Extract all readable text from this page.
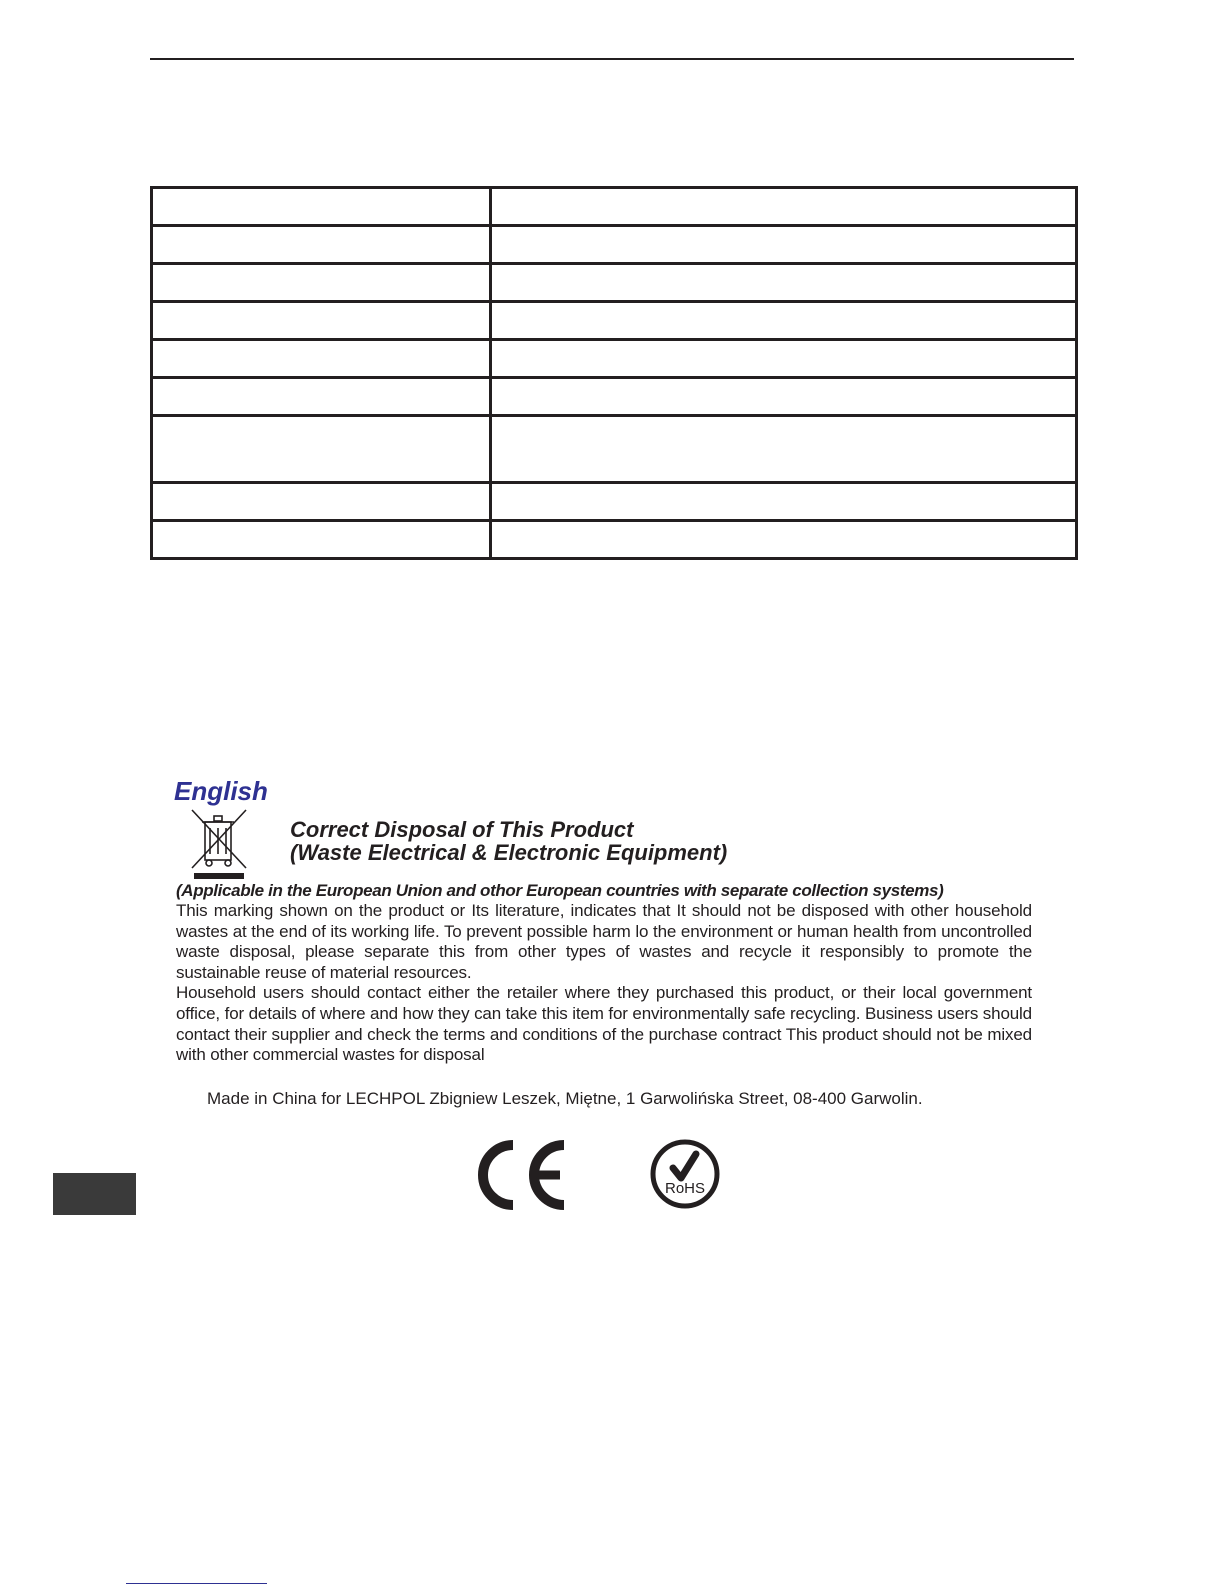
English
Correct Disposal of This Product
(Waste Electrical & Electronic Equipment)

(Applicable in the European Union and othor European countries with separate collection systems)

This marking shown on the product or Its literature, indicates that It should not be disposed with other household wastes at the end of its working life. To prevent possible harm lo the environment or human health from uncontrolled waste disposal, please separate this from other types of wastes and recycle it responsibly to promote the sustainable reuse of material resources.

Household users should contact either the retailer where they purchased this product, or their local government office, for details of where and how they can take this item for environmentally safe recycling. Business users should contact their supplier and check the terms and conditions of the purchase contract This product should not be mixed with other commercial wastes for disposal

Made in China for LECHPOL Zbigniew Leszek, Miętne, 1 Garwolińska Street, 08-400 Garwolin.

RoHS
